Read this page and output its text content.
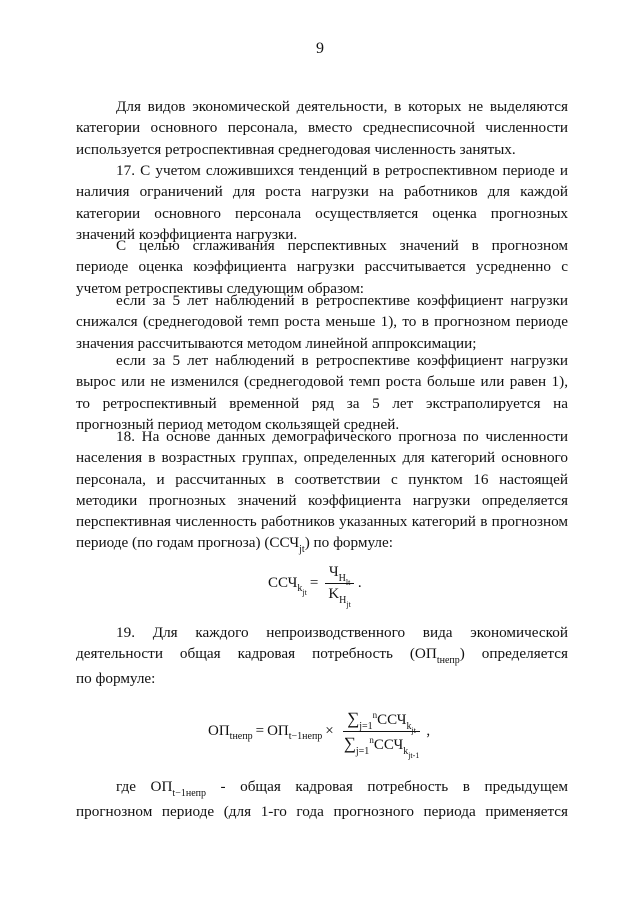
9

Для видов экономической деятельности, в которых не выделяются категории основного персонала, вместо среднесписочной численности используется ретроспективная среднегодовая численность занятых.

17. С учетом сложившихся тенденций в ретроспективном периоде и наличия ограничений для роста нагрузки на работников для каждой категории основного персонала осуществляется оценка прогнозных значений коэффициента нагрузки.

С целью сглаживания перспективных значений в прогнозном периоде оценка коэффициента нагрузки рассчитывается усредненно с учетом ретроспективы следующим образом:

если за 5 лет наблюдений в ретроспективе коэффициент нагрузки снижался (среднегодовой темп роста меньше 1), то в прогнозном периоде значения рассчитываются методом линейной аппроксимации;

если за 5 лет наблюдений в ретроспективе коэффициент нагрузки вырос или не изменился (среднегодовой темп роста больше или равен 1), то ретроспективный временной ряд за 5 лет экстраполируется на прогнозный период методом скользящей средней.

18. На основе данных демографического прогноза по численности населения в возрастных группах, определенных для категорий основного персонала, и рассчитанных в соответствии с пунктом 16 настоящей методики прогнозных значений коэффициента нагрузки определяется перспективная численность работников указанных категорий в прогнозном периоде (по годам прогноза) $(ССЧ_{jt})$ по формуле:

ССЧ $k_{jt}$
= $\frac{Ч_{H_{lt}}}{K_{H_{jt}}}$ .

19. Для каждого непроизводственного вида экономической деятельности общая кадровая потребность $(ОП_{tнепр})$ определяется

по формуле:

ОП tнепр = ОП t−1непр × $\frac{\sum_{j=1}^nССЧ_{k_{jt}}}{\sum_{j=1}^nССЧ_{k_{jt-1}}}$ ,

где $ОП_{t-1непр}$ - общая кадровая потребность в предыдущем

прогнозном периоде (для 1-го года прогнозного периода применяется
